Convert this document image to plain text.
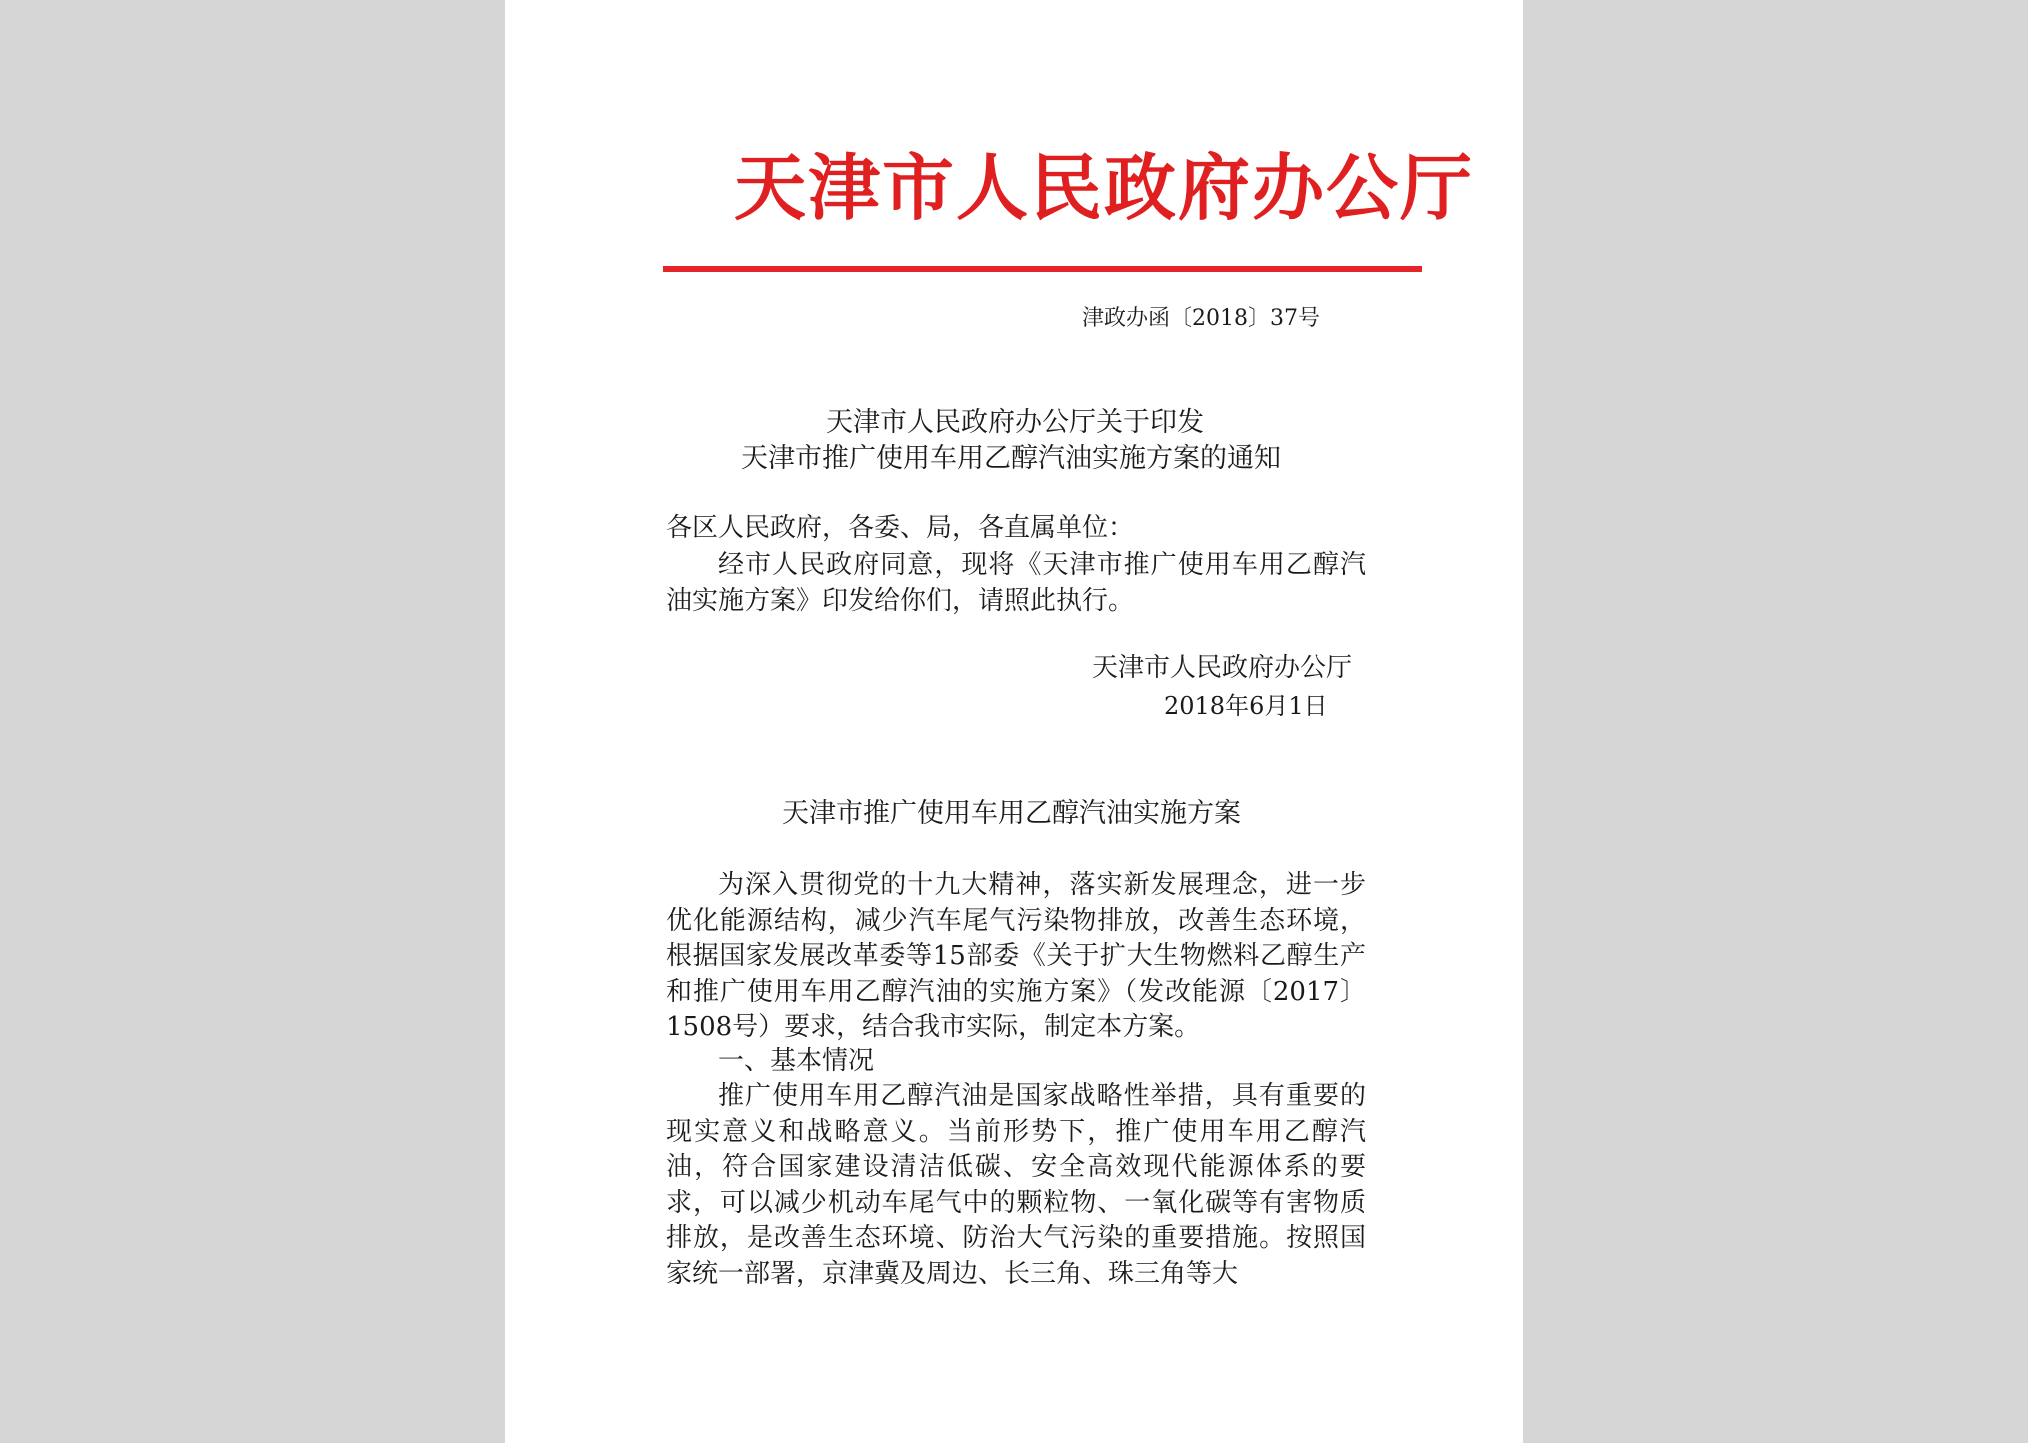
天津市人民政府办公厅
津政办函〔2018〕37号
天津市人民政府办公厅关于印发
天津市推广使用车用乙醇汽油实施方案的通知
各区人民政府，各委、局，各直属单位：
经市人民政府同意，现将《天津市推广使用车用乙醇汽油实施方案》印发给你们，请照此执行。
天津市人民政府办公厅
2018年6月1日
天津市推广使用车用乙醇汽油实施方案
为深入贯彻党的十九大精神，落实新发展理念，进一步优化能源结构，减少汽车尾气污染物排放，改善生态环境，根据国家发展改革委等15部委《关于扩大生物燃料乙醇生产和推广使用车用乙醇汽油的实施方案》（发改能源〔2017〕1508号）要求，结合我市实际，制定本方案。
一、基本情况
推广使用车用乙醇汽油是国家战略性举措，具有重要的现实意义和战略意义。当前形势下，推广使用车用乙醇汽油，符合国家建设清洁低碳、安全高效现代能源体系的要求，可以减少机动车尾气中的颗粒物、一氧化碳等有害物质排放，是改善生态环境、防治大气污染的重要措施。按照国家统一部署，京津冀及周边、长三角、珠三角等大
